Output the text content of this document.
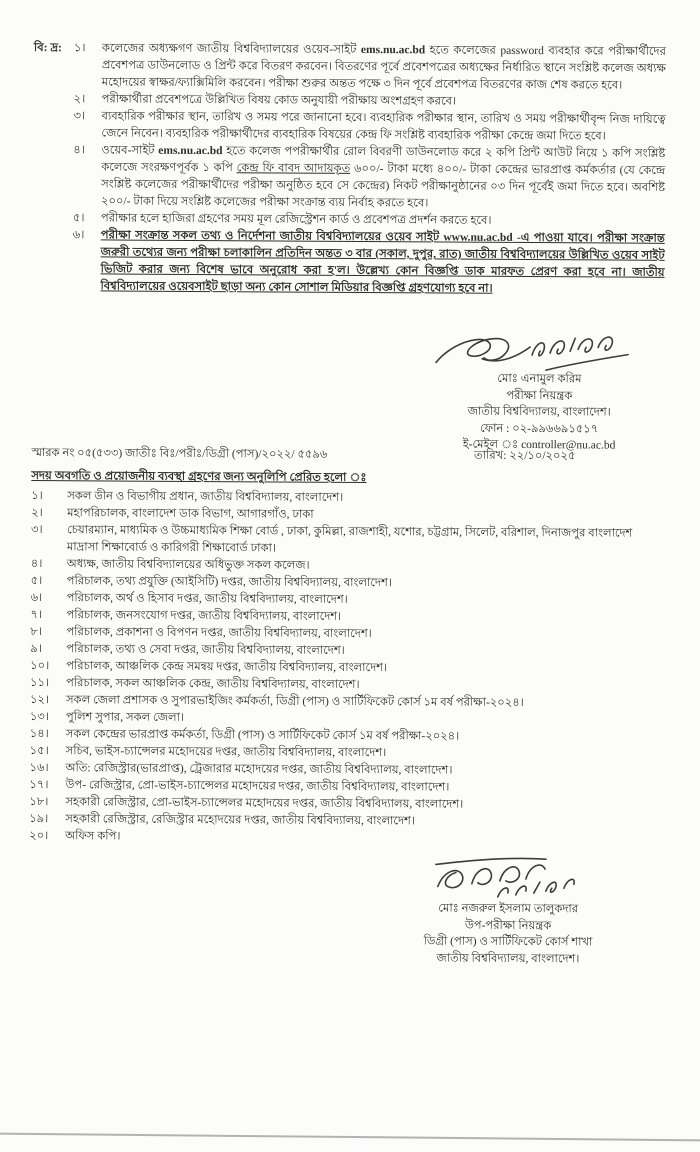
বি: দ্র:	১।	কলেজের অধ্যক্ষগণ জাতীয় বিশ্ববিদ্যালয়ের ওয়েব-সাইট ems.nu.ac.bd হতে কলেজের password ব্যবহার করে পরীক্ষার্থীদের প্রবেশপত্র ডাউনলোড ও প্রিন্ট করে বিতরণ করবেন। বিতরণের পূর্বে প্রবেশপত্রের অধ্যক্ষের নির্ধারিত স্থানে সংশ্লিষ্ট কলেজ অধ্যক্ষ মহোদয়ের স্বাক্ষর/ফ্যাক্সিমিলি করবেন। পরীক্ষা শুরুর অন্তত পক্ষে ৩ দিন পূর্বে প্রবেশপত্র বিতরণের কাজ শেষ করতে হবে।
২।	পরীক্ষার্থীরা প্রবেশপত্রে উল্লিখিত বিষয় কোড অনুযায়ী পরীক্ষায় অংশগ্রহণ করবে।
৩।	ব্যবহারিক পরীক্ষার স্থান, তারিখ ও সময় পরে জানানো হবে। ব্যবহারিক পরীক্ষার স্থান, তারিখ ও সময় পরীক্ষার্থীবৃন্দ নিজ দায়িত্বে জেনে নিবেন। ব্যবহারিক পরীক্ষার্থীদের ব্যবহারিক বিষয়ের কেন্দ্র ফি সংশ্লিষ্ট ব্যবহারিক পরীক্ষা কেন্দ্রে জমা দিতে হবে।
৪।	ওয়েব-সাইট ems.nu.ac.bd হতে কলেজ পপরীক্ষার্থীর রোল বিবরণী ডাউনলোড করে ২ কপি প্রিন্ট আউট নিয়ে ১ কপি সংশ্লিষ্ট কলেজে সংরক্ষণপূর্বক ১ কপি কেন্দ্র ফি বাবদ আদায়কৃত ৬০০/- টাকা মধ্যে ৪০০/- টাকা কেন্দ্রের ভারপ্রাপ্ত কর্মকর্তার (যে কেন্দ্রে সংশ্লিষ্ট কলেজের পরীক্ষার্থীদের পরীক্ষা অনুষ্ঠিত হবে সে কেন্দ্রের) নিকট পরীক্ষানুষ্ঠানের ০৩ দিন পূর্বেই জমা দিতে হবে। অবশিষ্ট ২০০/- টাকা দিয়ে সংশ্লিষ্ট কলেজের পরীক্ষা সংক্রান্ত ব্যয় নির্বাহ করতে হবে।
৫।	পরীক্ষার হলে হাজিরা গ্রহণের সময় মূল রেজিস্ট্রেশন কার্ড ও প্রবেশপত্র প্রদর্শন করতে হবে।
৬।	পরীক্ষা সংক্রান্ত সকল তথ্য ও নির্দেশনা জাতীয় বিশ্ববিদ্যালয়ের ওয়েব সাইট www.nu.ac.bd -এ পাওয়া যাবে। পরীক্ষা সংক্রান্ত জরুরী তথ্যের জন্য পরীক্ষা চলাকালিন প্রতিদিন অন্তত ৩ বার (সকাল, দুপুর, রাত) জাতীয় বিশ্ববিদ্যালয়ের উল্লিখিত ওয়েব সাইট ভিজিট করার জন্য বিশেষ ভাবে অনুরোধ করা হ'ল। উল্লেখ্য কোন বিজ্ঞপ্তি ডাক মারফত প্রেরণ করা হবে না। জাতীয় বিশ্ববিদ্যালয়ের ওয়েবসাইট ছাড়া অন্য কোন সোশাল মিডিয়ার বিজ্ঞপ্তি গ্রহণযোগ্য হবে না।
মোঃ এনামুল করিম
পরীক্ষা নিয়ন্ত্রক
জাতীয় বিশ্ববিদ্যালয়, বাংলাদেশ।
ফোন : ০২-৯৯৬৬৯১৫১৭
ই-মেইল ঃ controller@nu.ac.bd
স্মারক নং ০৫(৫৩৩) জাতীঃ বিঃ/পরীঃ/ডিগ্রী (পাস)/২০২২/ ৫৫৯৬	তারিখ: ২২/১০/২০২৫
সদয় অবগতি ও প্রয়োজনীয় ব্যবস্থা গ্রহণের জন্য অনুলিপি প্রেরিত হলো ঃ
১।	সকল ডীন ও বিভাগীয় প্রধান, জাতীয় বিশ্ববিদ্যালয়, বাংলাদেশ।
২।	মহাপরিচালক, বাংলাদেশ ডাক বিভাগ, আগারগাঁও, ঢাকা
৩।	চেয়ারম্যান, মাধ্যমিক ও উচ্চমাধ্যমিক শিক্ষা বোর্ড , ঢাকা, কুমিল্লা, রাজশাহী, যশোর, চট্টগ্রাম, সিলেট, বরিশাল, দিনাজপুর বাংলাদেশ মাদ্রাসা শিক্ষাবোর্ড ও কারিগরী শিক্ষাবোর্ড ঢাকা।
৪।	অধ্যক্ষ, জাতীয় বিশ্ববিদ্যালয়ের অধিভুক্ত সকল কলেজ।
৫।	পরিচালক, তথ্য প্রযুক্তি (আইসিটি) দপ্তর, জাতীয় বিশ্ববিদ্যালয়, বাংলাদেশ।
৬।	পরিচালক, অর্থ ও হিসাব দপ্তর, জাতীয় বিশ্ববিদ্যালয়, বাংলাদেশ।
৭।	পরিচালক, জনসংযোগ দপ্তর, জাতীয় বিশ্ববিদ্যালয়, বাংলাদেশ।
৮।	পরিচালক, প্রকাশনা ও বিপণন দপ্তর, জাতীয় বিশ্ববিদ্যালয়, বাংলাদেশ।
৯।	পরিচালক, তথ্য ও সেবা দপ্তর, জাতীয় বিশ্ববিদ্যালয়, বাংলাদেশ।
১০।	পরিচালক, আঞ্চলিক কেন্দ্র সমন্বয় দপ্তর, জাতীয় বিশ্ববিদ্যালয়, বাংলাদেশ।
১১।	পরিচালক, সকল আঞ্চলিক কেন্দ্র, জাতীয় বিশ্ববিদ্যালয়, বাংলাদেশ।
১২।	সকল জেলা প্রশাসক ও সুপারভাইজিং কর্মকর্তা, ডিগ্রী (পাস) ও সার্টিফিকেট কোর্স ১ম বর্ষ পরীক্ষা-২০২৪।
১৩।	পুলিশ সুপার, সকল জেলা।
১৪।	সকল কেন্দ্রের ভারপ্রাপ্ত কর্মকর্তা, ডিগ্রী (পাস) ও সার্টিফিকেট কোর্স ১ম বর্ষ পরীক্ষা-২০২৪।
১৫।	সচিব, ভাইস-চ্যান্সেলর মহোদয়ের দপ্তর, জাতীয় বিশ্ববিদ্যালয়, বাংলাদেশ।
১৬।	অতি: রেজিস্ট্রার(ভারপ্রাপ্ত), ট্রেজারার মহোদয়ের দপ্তর, জাতীয় বিশ্ববিদ্যালয়, বাংলাদেশ।
১৭।	উপ- রেজিস্ট্রার, প্রো-ভাইস-চ্যান্সেলর মহোদয়ের দপ্তর, জাতীয় বিশ্ববিদ্যালয়, বাংলাদেশ।
১৮।	সহকারী রেজিস্ট্রার, প্রো-ভাইস-চ্যান্সেলর মহোদয়ের দপ্তর, জাতীয় বিশ্ববিদ্যালয়, বাংলাদেশ।
১৯।	সহকারী রেজিস্ট্রার, রেজিস্ট্রার মহোদয়ের দপ্তর, জাতীয় বিশ্ববিদ্যালয়, বাংলাদেশ।
২০।	অফিস কপি।
মোঃ নজরুল ইসলাম তালুকদার
উপ-পরীক্ষা নিয়ন্ত্রক
ডিগ্রী (পাস) ও সার্টিফিকেট কোর্স শাখা
জাতীয় বিশ্ববিদ্যালয়, বাংলাদেশ।
